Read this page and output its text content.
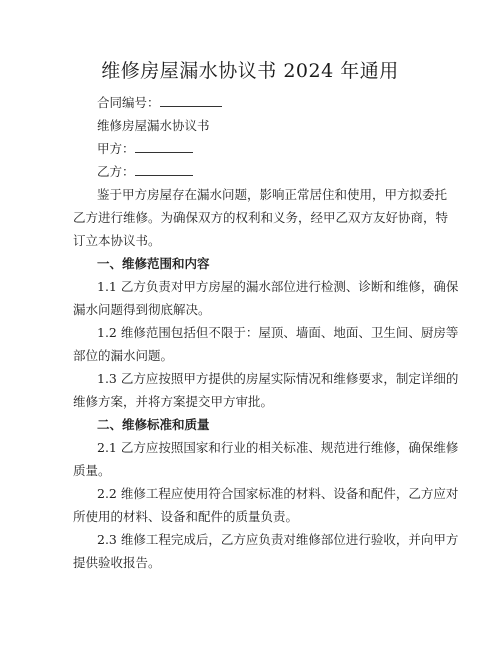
维修房屋漏水协议书 2024 年通用
合同编号：
维修房屋漏水协议书
甲方：
乙方：
鉴于甲方房屋存在漏水问题，影响正常居住和使用，甲方拟委托
乙方进行维修。为确保双方的权利和义务，经甲乙双方友好协商，特
订立本协议书。
一、维修范围和内容
1.1 乙方负责对甲方房屋的漏水部位进行检测、诊断和维修，确保
漏水问题得到彻底解决。
1.2 维修范围包括但不限于：屋顶、墙面、地面、卫生间、厨房等
部位的漏水问题。
1.3 乙方应按照甲方提供的房屋实际情况和维修要求，制定详细的
维修方案，并将方案提交甲方审批。
二、维修标准和质量
2.1 乙方应按照国家和行业的相关标准、规范进行维修，确保维修
质量。
2.2 维修工程应使用符合国家标准的材料、设备和配件，乙方应对
所使用的材料、设备和配件的质量负责。
2.3 维修工程完成后，乙方应负责对维修部位进行验收，并向甲方
提供验收报告。
